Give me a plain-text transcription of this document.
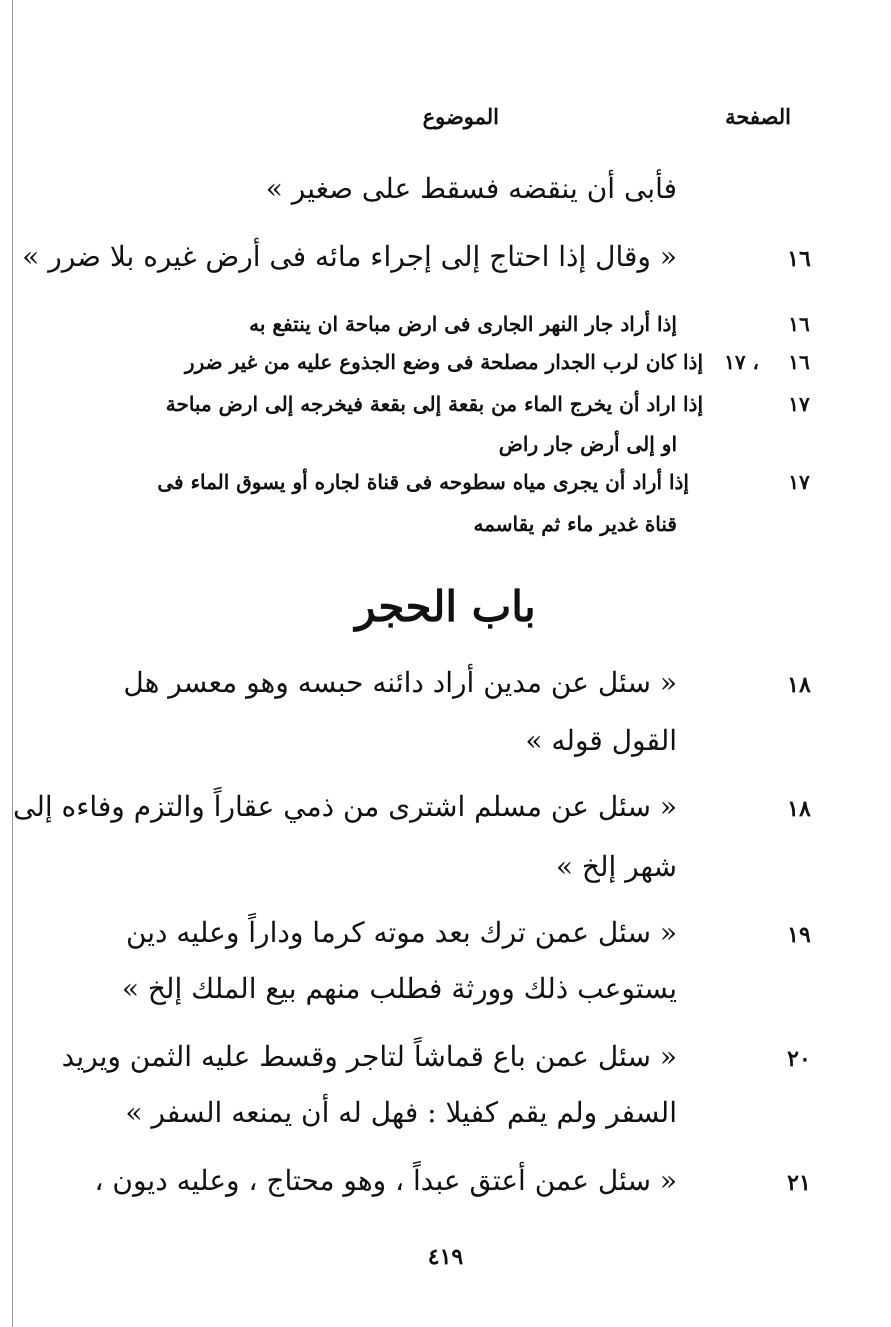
الصفحة
الموضوع
فأبى أن ينقضه فسقط على صغير »
١٦
« وقال إذا احتاج إلى إجراء مائه فى أرض غيره بلا ضرر »
١٦
إذا أراد جار النهر الجارى فى ارض مباحة ان ينتفع به
١٦
، ١٧
إذا كان لرب الجدار مصلحة فى وضع الجذوع عليه من غير ضرر
١٧
إذا اراد أن يخرج الماء من بقعة إلى بقعة فيخرجه إلى ارض مباحة
او إلى أرض جار راض
١٧
إذا أراد أن يجرى مياه سطوحه فى قناة لجاره أو يسوق الماء فى
قناة غدير ماء ثم يقاسمه
باب الحجر
١٨
« سئل عن مدين أراد دائنه حبسه وهو معسر هل
القول قوله »
١٨
« سئل عن مسلم اشترى من ذمي عقاراً والتزم وفاءه إلى
شهر إلخ »
١٩
« سئل عمن ترك بعد موته كرما وداراً وعليه دين
يستوعب ذلك وورثة فطلب منهم بيع الملك إلخ »
٢٠
« سئل عمن باع قماشاً لتاجر وقسط عليه الثمن ويريد
السفر ولم يقم كفيلا : فهل له أن يمنعه السفر »
٢١
« سئل عمن أعتق عبداً ، وهو محتاج ، وعليه ديون ،
٤١٩
